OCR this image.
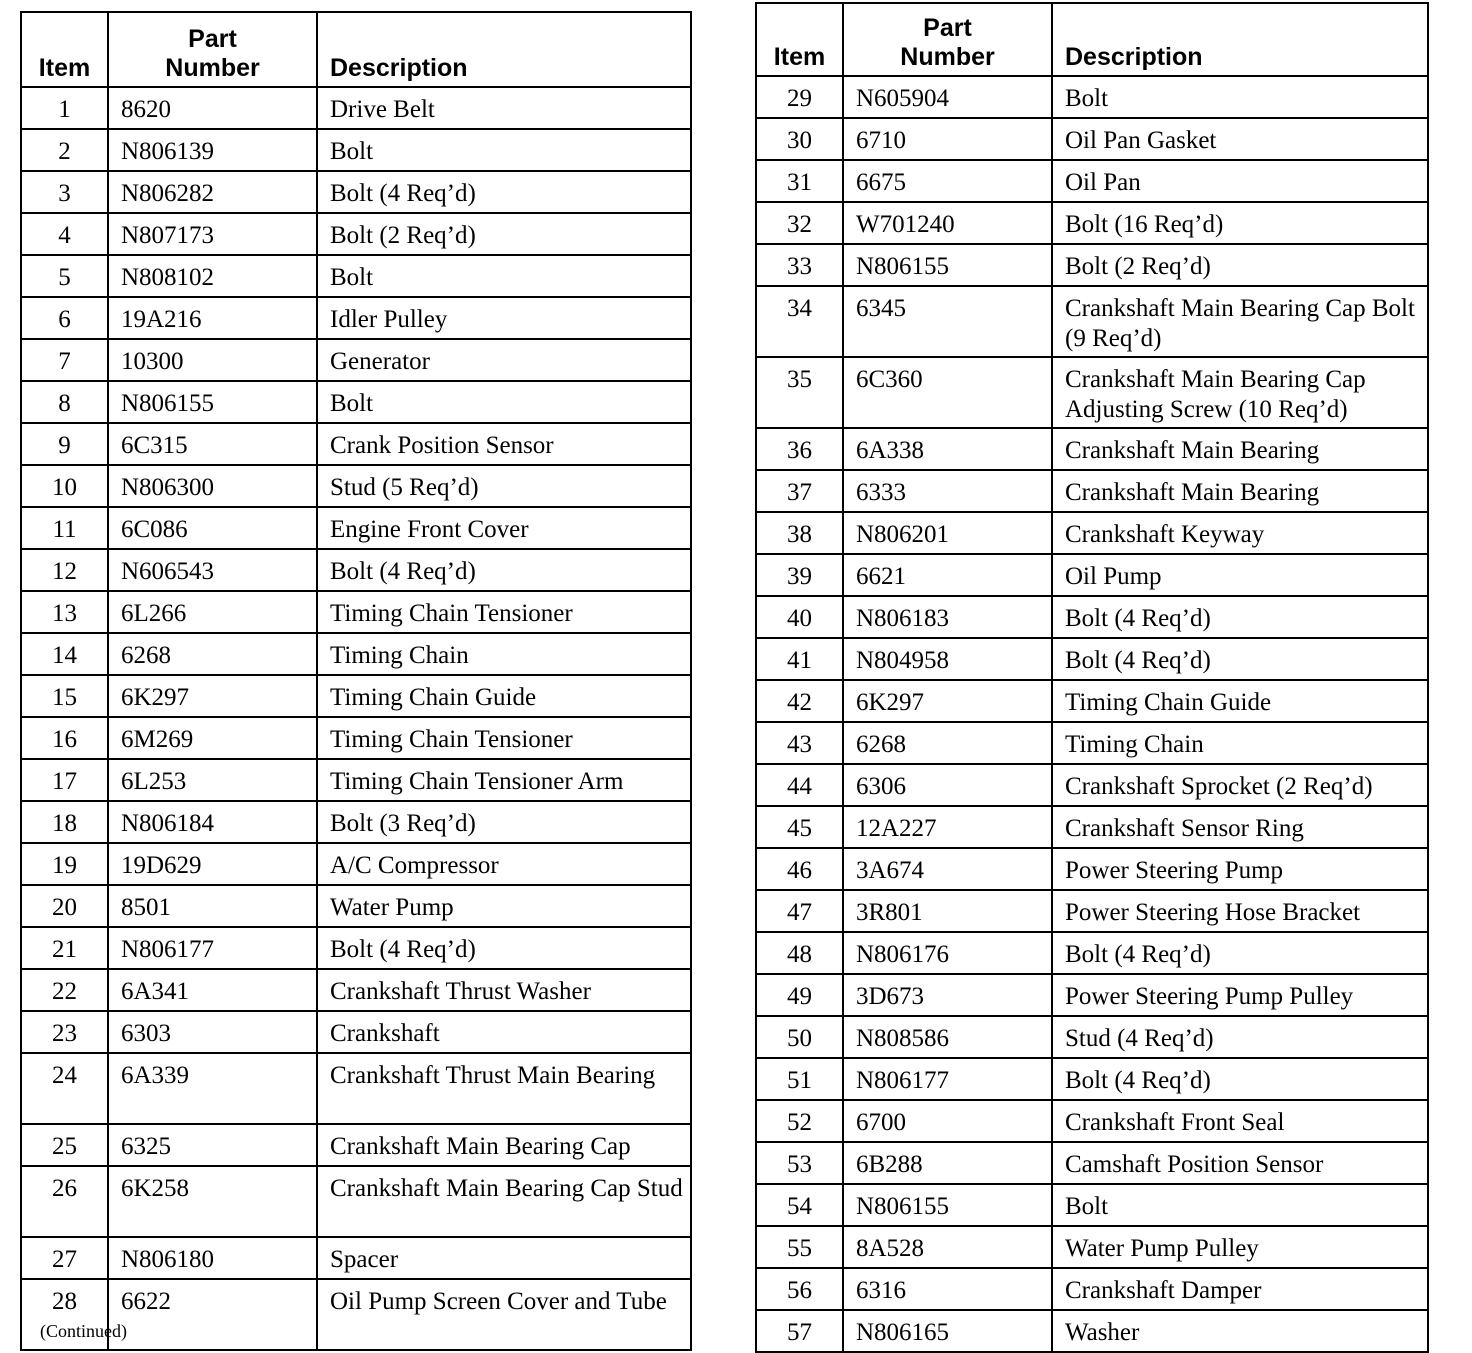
Item	Part
Number	Description
1	8620	Drive Belt
2	N806139	Bolt
3	N806282	Bolt (4 Req’d)
4	N807173	Bolt (2 Req’d)
5	N808102	Bolt
6	19A216	Idler Pulley
7	10300	Generator
8	N806155	Bolt
9	6C315	Crank Position Sensor
10	N806300	Stud (5 Req’d)
11	6C086	Engine Front Cover
12	N606543	Bolt (4 Req’d)
13	6L266	Timing Chain Tensioner
14	6268	Timing Chain
15	6K297	Timing Chain Guide
16	6M269	Timing Chain Tensioner
17	6L253	Timing Chain Tensioner Arm
18	N806184	Bolt (3 Req’d)
19	19D629	A/C Compressor
20	8501	Water Pump
21	N806177	Bolt (4 Req’d)
22	6A341	Crankshaft Thrust Washer
23	6303	Crankshaft
24	6A339	Crankshaft Thrust Main Bearing
25	6325	Crankshaft Main Bearing Cap
26	6K258	Crankshaft Main Bearing Cap Stud
27	N806180	Spacer
28	6622	Oil Pump Screen Cover and Tube
Item	Part
Number	Description
29	N605904	Bolt
30	6710	Oil Pan Gasket
31	6675	Oil Pan
32	W701240	Bolt (16 Req’d)
33	N806155	Bolt (2 Req’d)
34	6345	Crankshaft Main Bearing Cap Bolt (9 Req’d)
35	6C360	Crankshaft Main Bearing Cap Adjusting Screw (10 Req’d)
36	6A338	Crankshaft Main Bearing
37	6333	Crankshaft Main Bearing
38	N806201	Crankshaft Keyway
39	6621	Oil Pump
40	N806183	Bolt (4 Req’d)
41	N804958	Bolt (4 Req’d)
42	6K297	Timing Chain Guide
43	6268	Timing Chain
44	6306	Crankshaft Sprocket (2 Req’d)
45	12A227	Crankshaft Sensor Ring
46	3A674	Power Steering Pump
47	3R801	Power Steering Hose Bracket
48	N806176	Bolt (4 Req’d)
49	3D673	Power Steering Pump Pulley
50	N808586	Stud (4 Req’d)
51	N806177	Bolt (4 Req’d)
52	6700	Crankshaft Front Seal
53	6B288	Camshaft Position Sensor
54	N806155	Bolt
55	8A528	Water Pump Pulley
56	6316	Crankshaft Damper
57	N806165	Washer
(Continued)
